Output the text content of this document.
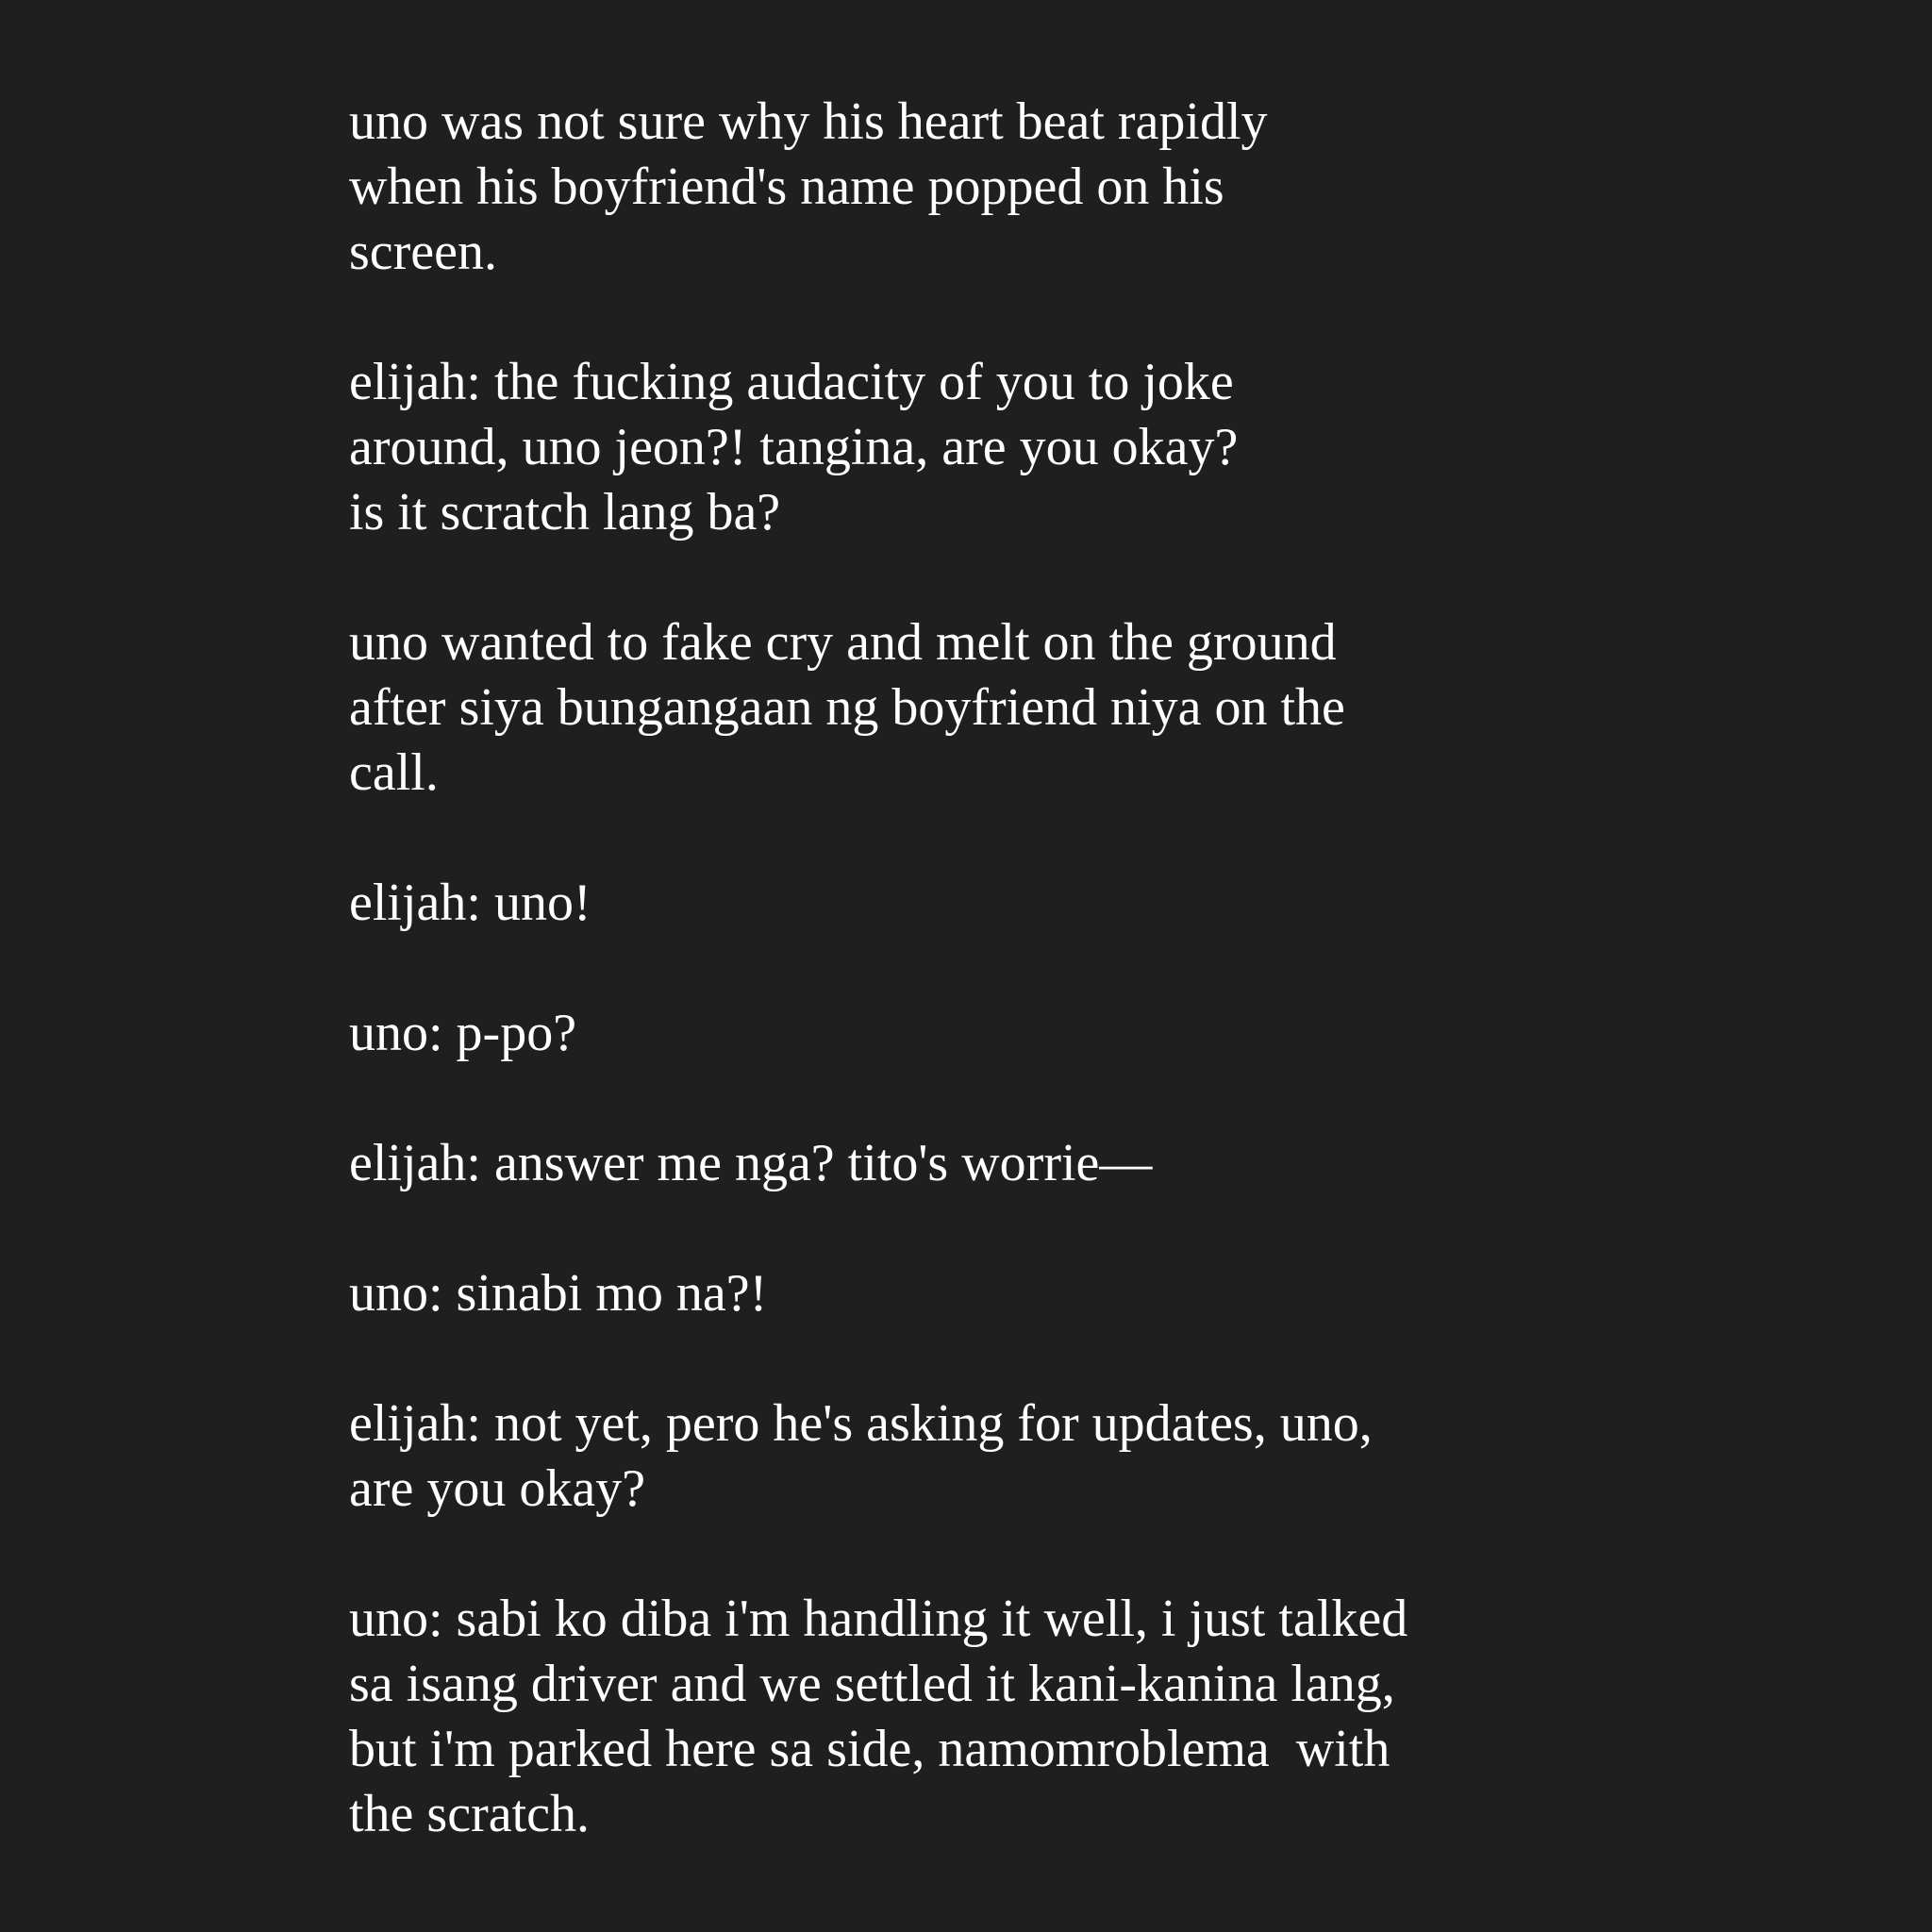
uno was not sure why his heart beat rapidly
when his boyfriend's name popped on his
screen.

elijah: the fucking audacity of you to joke
around, uno jeon?! tangina, are you okay?
is it scratch lang ba?

uno wanted to fake cry and melt on the ground
after siya bungangaan ng boyfriend niya on the
call.

elijah: uno!

uno: p-po?

elijah: answer me nga? tito's worrie—

uno: sinabi mo na?!

elijah: not yet, pero he's asking for updates, uno,
are you okay?

uno: sabi ko diba i'm handling it well, i just talked
sa isang driver and we settled it kani-kanina lang,
but i'm parked here sa side, namomroblema  with
the scratch.
